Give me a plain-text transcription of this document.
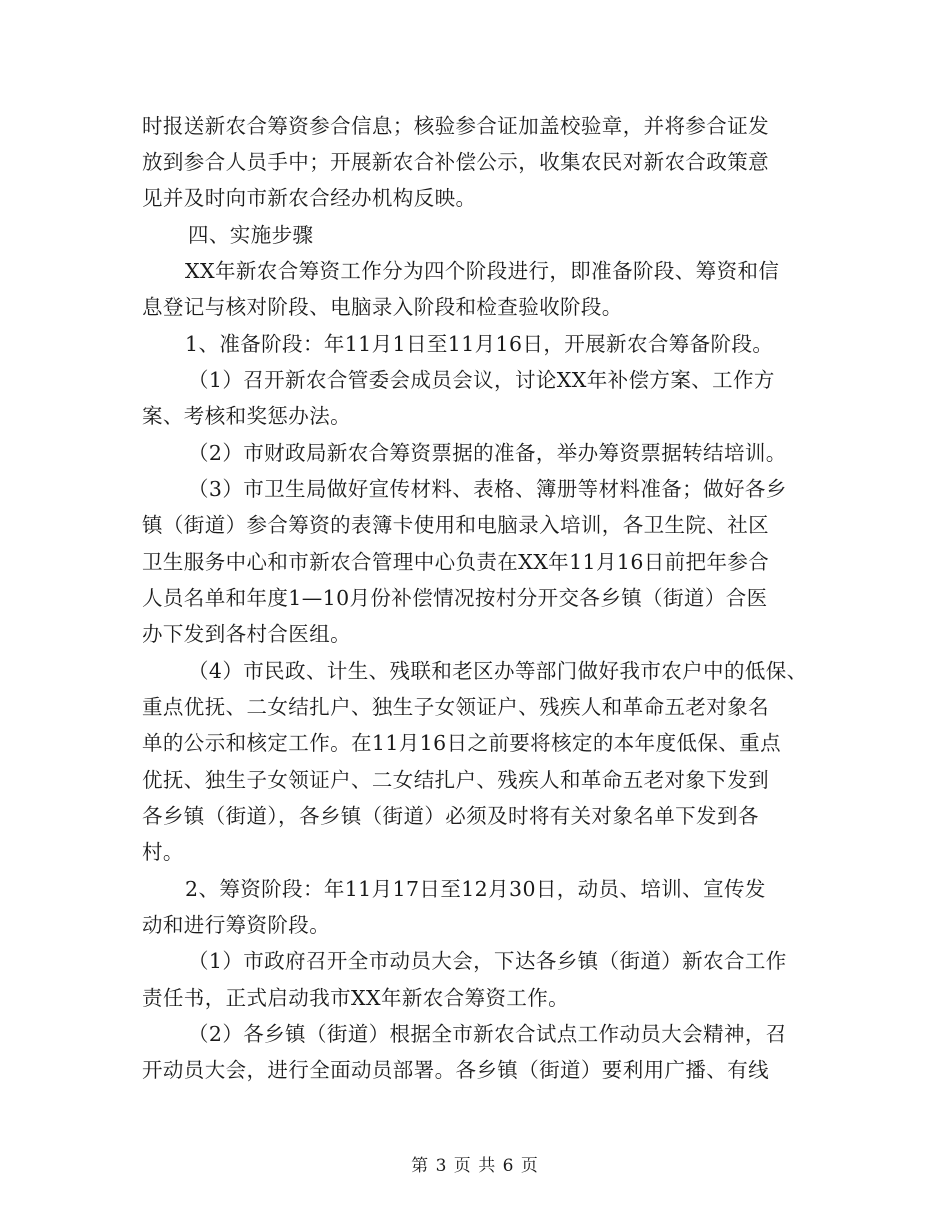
时报送新农合筹资参合信息；核验参合证加盖校验章，并将参合证发
放到参合人员手中；开展新农合补偿公示，收集农民对新农合政策意
见并及时向市新农合经办机构反映。
四、实施步骤
XX年新农合筹资工作分为四个阶段进行，即准备阶段、筹资和信
息登记与核对阶段、电脑录入阶段和检查验收阶段。
1、准备阶段：年11月1日至11月16日，开展新农合筹备阶段。
（1）召开新农合管委会成员会议，讨论XX年补偿方案、工作方
案、考核和奖惩办法。
（2）市财政局新农合筹资票据的准备，举办筹资票据转结培训。
（3）市卫生局做好宣传材料、表格、簿册等材料准备；做好各乡
镇（街道）参合筹资的表簿卡使用和电脑录入培训，各卫生院、社区
卫生服务中心和市新农合管理中心负责在XX年11月16日前把年参合
人员名单和年度1—10月份补偿情况按村分开交各乡镇（街道）合医
办下发到各村合医组。
（4）市民政、计生、残联和老区办等部门做好我市农户中的低保、
重点优抚、二女结扎户、独生子女领证户、残疾人和革命五老对象名
单的公示和核定工作。在11月16日之前要将核定的本年度低保、重点
优抚、独生子女领证户、二女结扎户、残疾人和革命五老对象下发到
各乡镇（街道），各乡镇（街道）必须及时将有关对象名单下发到各
村。
2、筹资阶段：年11月17日至12月30日，动员、培训、宣传发
动和进行筹资阶段。
（1）市政府召开全市动员大会，下达各乡镇（街道）新农合工作
责任书，正式启动我市XX年新农合筹资工作。
（2）各乡镇（街道）根据全市新农合试点工作动员大会精神，召
开动员大会，进行全面动员部署。各乡镇（街道）要利用广播、有线
第 3 页 共 6 页
